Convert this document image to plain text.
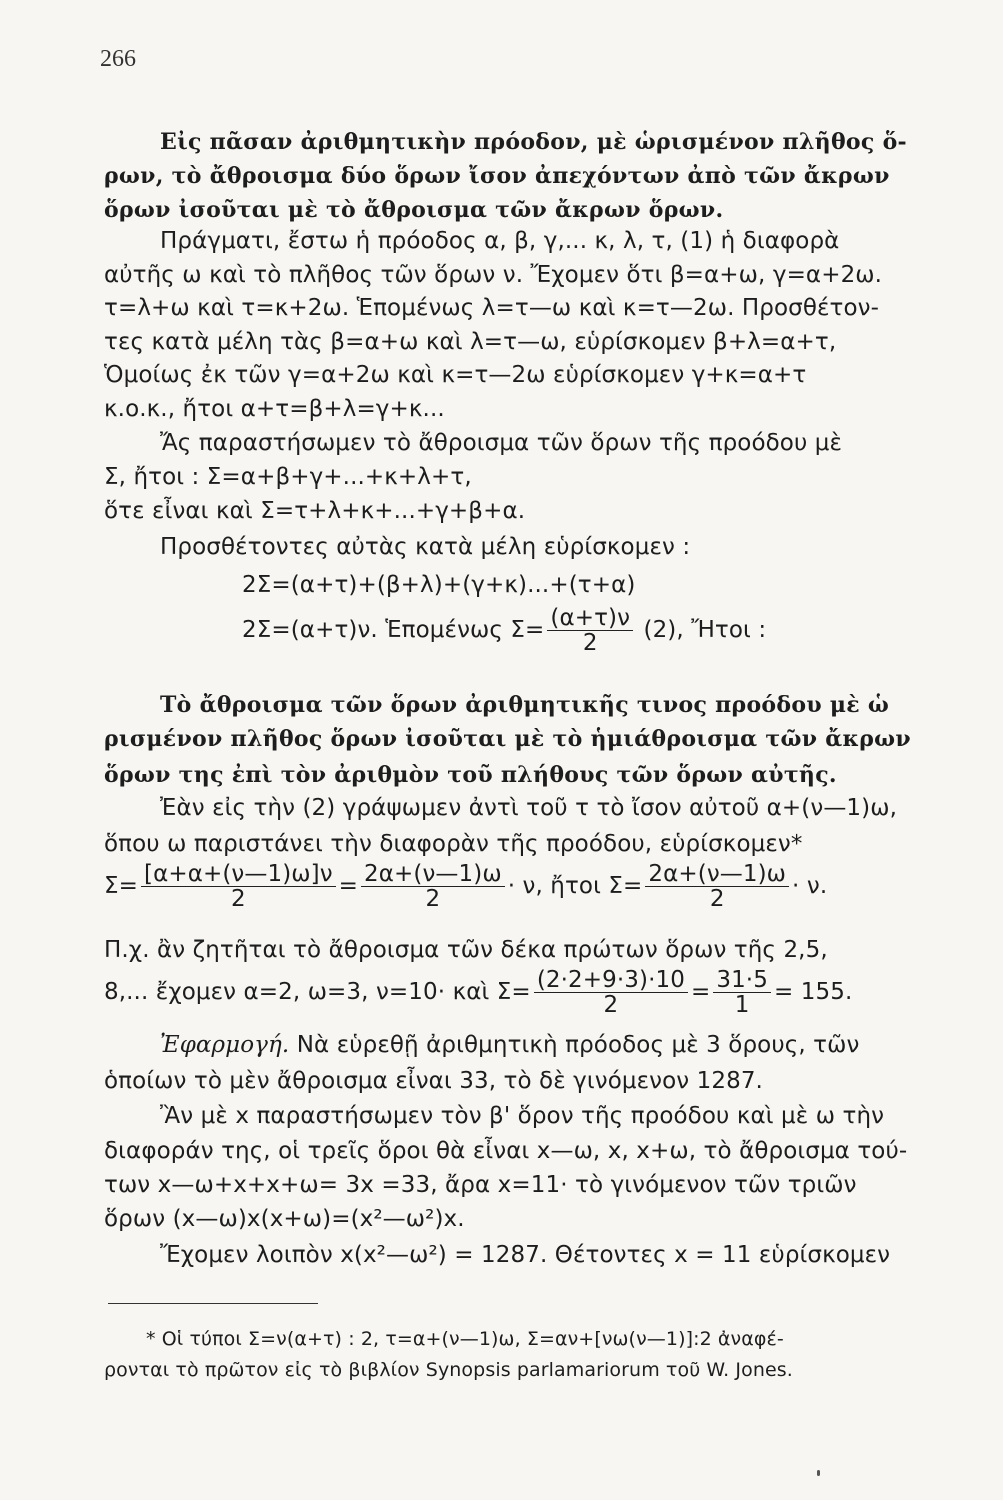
266
Εἰς πᾶσαν ἀριθμητικὴν πρόοδον, μὲ ὡρισμένον πλῆθος ὅ-
ρων, τὸ ἄθροισμα δύο ὅρων ἴσον ἀπεχόντων ἀπὸ τῶν ἄκρων
ὅρων ἰσοῦται μὲ τὸ ἄθροισμα τῶν ἄκρων ὅρων.
Πράγματι, ἔστω ἡ πρόοδος α, β, γ,... κ, λ, τ, (1) ἡ διαφορὰ
αὐτῆς ω καὶ τὸ πλῆθος τῶν ὅρων ν. Ἔχομεν ὅτι β=α+ω, γ=α+2ω.
τ=λ+ω καὶ τ=κ+2ω. Ἑπομένως λ=τ—ω καὶ κ=τ—2ω. Προσθέτον-
τες κατὰ μέλη τὰς β=α+ω καὶ λ=τ—ω, εὑρίσκομεν β+λ=α+τ,
Ὁμοίως ἐκ τῶν γ=α+2ω καὶ κ=τ—2ω εὑρίσκομεν γ+κ=α+τ
κ.ο.κ., ἤτοι α+τ=β+λ=γ+κ...
Ἄς παραστήσωμεν τὸ ἄθροισμα τῶν ὅρων τῆς προόδου μὲ
Σ, ἤτοι : Σ=α+β+γ+...+κ+λ+τ,
ὅτε εἶναι καὶ Σ=τ+λ+κ+...+γ+β+α.
Προσθέτοντες αὐτὰς κατὰ μέλη εὑρίσκομεν :
2Σ=(α+τ)+(β+λ)+(γ+κ)...+(τ+α)
2Σ=(α+τ)ν. Ἑπομένως $\Sigma= \frac{(\alpha+\tau)\nu}{2} (2)$, Ἤτοι :
Τὸ ἄθροισμα τῶν ὅρων ἀριθμητικῆς τινος προόδου μὲ ὡ
ρισμένον πλῆθος ὅρων ἰσοῦται μὲ τὸ ἡμιάθροισμα τῶν ἄκρων
ὅρων της ἐπὶ τὸν ἀριθμὸν τοῦ πλήθους τῶν ὅρων αὐτῆς.
Ἐὰν εἰς τὴν (2) γράψωμεν ἀντὶ τοῦ τ τὸ ἴσον αὐτοῦ α+(ν—1)ω,
ὅπου ω παριστάνει τὴν διαφορὰν τῆς προόδου, εὑρίσκομεν*
$\Sigma= \frac{[\alpha+\alpha+(\nu—1)\omega]\nu}{2} = \frac{2\alpha+(\nu—1)\omega}{2} \cdot \nu$, ἤτοι $\Sigma= \frac{2\alpha+(\nu—1)\omega}{2} \cdot \nu$.
Π.χ. ἂν ζητῆται τὸ ἄθροισμα τῶν δέκα πρώτων ὅρων τῆς 2,5,
8,... ἔχομεν α=2, ω=3, ν=10· καὶ $\Sigma= \frac{(2\cdot 2+9\cdot 3)\cdot 10}{2} = \frac{31\cdot 5}{1} = 155$.
Ἐφαρμογή. Νὰ εὑρεθῇ ἀριθμητικὴ πρόοδος μὲ 3 ὅρους, τῶν
ὁποίων τὸ μὲν ἄθροισμα εἶναι 33, τὸ δὲ γινόμενον 1287.
Ἂν μὲ x παραστήσωμεν τὸν β' ὅρον τῆς προόδου καὶ μὲ ω τὴν
διαφοράν της, οἱ τρεῖς ὅροι θὰ εἶναι x—ω, x, x+ω, τὸ ἄθροισμα τού-
των x—ω+x+x+ω= 3x =33, ἄρα x=11· τὸ γινόμενον τῶν τριῶν
ὅρων (x—ω)x(x+ω)=(x²—ω²)x.
Ἔχομεν λοιπὸν x(x²—ω²) = 1287. Θέτοντες x = 11 εὑρίσκομεν
* Οἱ τύποι Σ=ν(α+τ) : 2, τ=α+(ν—1)ω, Σ=αν+[νω(ν—1)]:2 ἀναφέ-
ρονται τὸ πρῶτον εἰς τὸ βιβλίον Synopsis parlamariorum τοῦ W. Jones.
